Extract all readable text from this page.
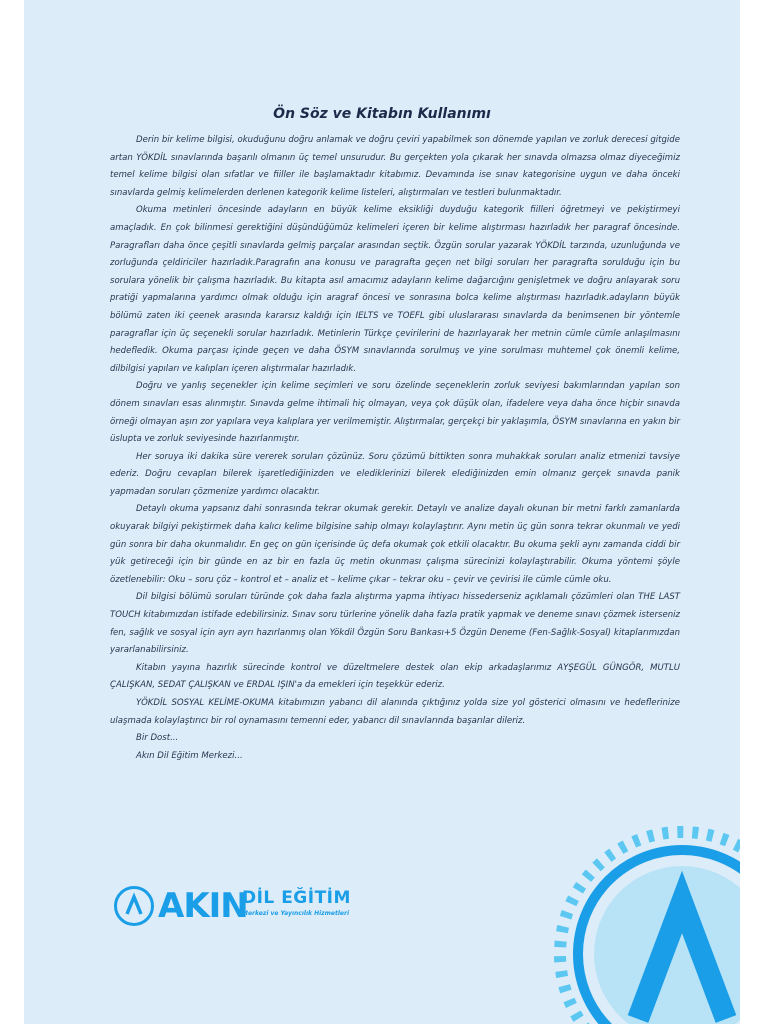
Ön Söz ve Kitabın Kullanımı

Derin bir kelime bilgisi, okuduğunu doğru anlamak ve doğru çeviri yapabilmek son dönemde yapılan ve zorluk derecesi gitgide artan YÖKDİL sınavlarında başarılı olmanın üç temel unsurudur. Bu gerçekten yola çıkarak her sınavda olmazsa olmaz diyeceğimiz temel kelime bilgisi olan sıfatlar ve fiiller ile başlamaktadır kitabımız. Devamında ise sınav kategorisine uygun ve daha önceki sınavlarda gelmiş kelimelerden derlenen kategorik kelime listeleri, alıştırmaları ve testleri bulunmaktadır.

Okuma metinleri öncesinde adayların en büyük kelime eksikliği duyduğu kategorik fiilleri öğretmeyi ve pekiştirmeyi amaçladık. En çok bilinmesi gerektiğini düşündüğümüz kelimeleri içeren bir kelime alıştırması hazırladık her paragraf öncesinde. Paragrafları daha önce çeşitli sınavlarda gelmiş parçalar arasından seçtik. Özgün sorular yazarak YÖKDİL tarzında, uzunluğunda ve zorluğunda çeldiriciler hazırladık.Paragrafın ana konusu ve paragrafta geçen net bilgi soruları her paragrafta sorulduğu için bu sorulara yönelik bir çalışma hazırladık. Bu kitapta asıl amacımız adayların kelime dağarcığını genişletmek ve doğru anlayarak soru pratiği yapmalarına yardımcı olmak olduğu için aragraf öncesi ve sonrasına bolca kelime alıştırması hazırladık.adayların büyük bölümü zaten iki çeenek arasında kararsız kaldığı için IELTS ve TOEFL gibi uluslararası sınavlarda da benimsenen bir yöntemle paragraflar için üç seçenekli sorular hazırladık. Metinlerin Türkçe çevirilerini de hazırlayarak her metnin cümle cümle anlaşılmasını hedefledik. Okuma parçası içinde geçen ve daha ÖSYM sınavlarında sorulmuş ve yine sorulması muhtemel çok önemli kelime, dilbilgisi yapıları ve kalıpları içeren alıştırmalar hazırladık.

Doğru ve yanlış seçenekler için kelime seçimleri ve soru özelinde seçeneklerin zorluk seviyesi bakımlarından yapılan son dönem sınavları esas alınmıştır. Sınavda gelme ihtimali hiç olmayan, veya çok düşük olan, ifadelere veya daha önce hiçbir sınavda örneği olmayan aşırı zor yapılara veya kalıplara yer verilmemiştir. Alıştırmalar, gerçekçi bir yaklaşımla, ÖSYM sınavlarına en yakın bir üslupta ve zorluk seviyesinde hazırlanmıştır.

Her soruya iki dakika süre vererek soruları çözünüz. Soru çözümü bittikten sonra muhakkak soruları analiz etmenizi tavsiye ederiz. Doğru cevapları bilerek işaretlediğinizden ve elediklerinizi bilerek elediğinizden emin olmanız gerçek sınavda panik yapmadan soruları çözmenize yardımcı olacaktır.

Detaylı okuma yapsanız dahi sonrasında tekrar okumak gerekir. Detaylı ve analize dayalı okunan bir metni farklı zamanlarda okuyarak bilgiyi pekiştirmek daha kalıcı kelime bilgisine sahip olmayı kolaylaştırır. Aynı metin üç gün sonra tekrar okunmalı ve yedi gün sonra bir daha okunmalıdır. En geç on gün içerisinde üç defa okumak çok etkili olacaktır. Bu okuma şekli aynı zamanda ciddi bir yük getireceği için bir günde en az bir en fazla üç metin okunması çalışma sürecinizi kolaylaştırabilir. Okuma yöntemi şöyle özetlenebilir: Oku – soru çöz – kontrol et – analiz et – kelime çıkar – tekrar oku – çevir ve çevirisi ile cümle cümle oku.

Dil bilgisi bölümü soruları türünde çok daha fazla alıştırma yapma ihtiyacı hissederseniz açıklamalı çözümleri olan THE LAST TOUCH kitabımızdan istifade edebilirsiniz. Sınav soru türlerine yönelik daha fazla pratik yapmak ve deneme sınavı çözmek isterseniz fen, sağlık ve sosyal için ayrı ayrı hazırlanmış olan Yökdil Özgün Soru Bankası+5 Özgün Deneme (Fen-Sağlık-Sosyal) kitaplarımızdan yararlanabilirsiniz.

Kitabın yayına hazırlık sürecinde kontrol ve düzeltmelere destek olan ekip arkadaşlarımız AYŞEGÜL GÜNGÖR, MUTLU ÇALIŞKAN, SEDAT ÇALIŞKAN ve ERDAL IŞIN'a da emekleri için teşekkür ederiz.

YÖKDİL SOSYAL KELİME-OKUMA kitabımızın yabancı dil alanında çıktığınız yolda size yol gösterici olmasını ve hedeflerinize ulaşmada kolaylaştırıcı bir rol oynamasını temenni eder, yabancı dil sınavlarında başarılar dileriz.

Bir Dost...

Akın Dil Eğitim Merkezi...

AKIN
DİL EĞİTİM
Merkezi ve Yayıncılık Hizmetleri
